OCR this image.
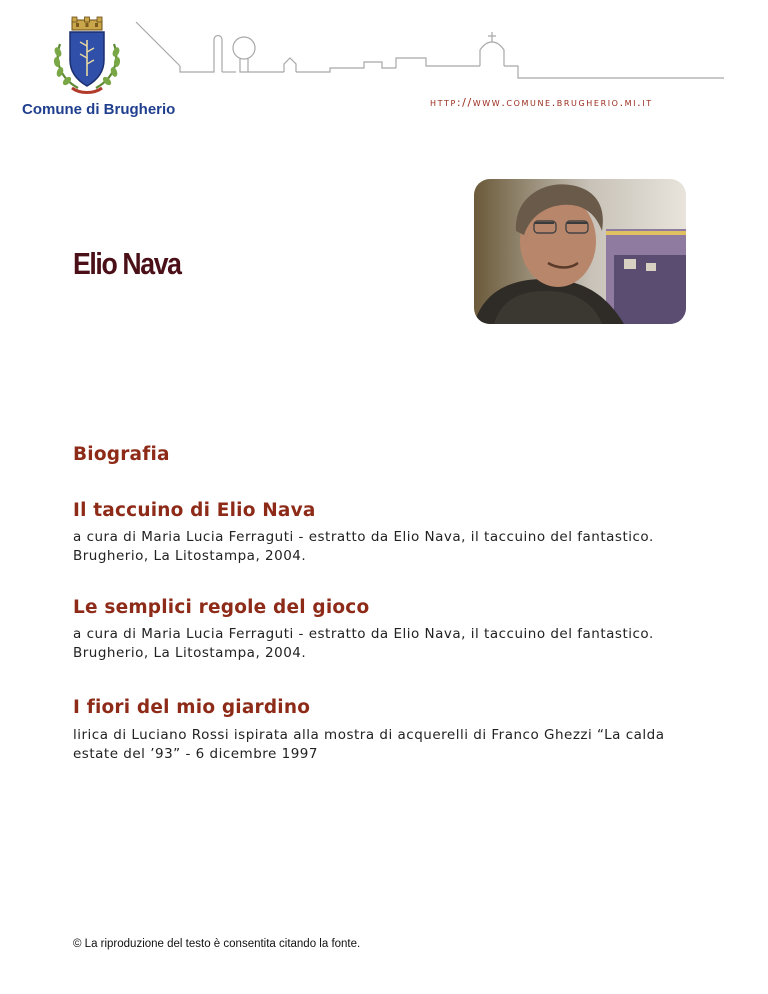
Comune di Brugherio	http://www.comune.brugherio.mi.it
Elio Nava
Biografia
Il taccuino di Elio Nava

a cura di Maria Lucia Ferraguti - estratto da Elio Nava, il taccuino del fantastico. Brugherio, La Litostampa, 2004.

Le semplici regole del gioco

a cura di Maria Lucia Ferraguti - estratto da Elio Nava, il taccuino del fantastico. Brugherio, La Litostampa, 2004.

I fiori del mio giardino

lirica di Luciano Rossi ispirata alla mostra di acquerelli di Franco Ghezzi “La calda estate del ’93” - 6 dicembre 1997

© La riproduzione del testo è consentita citando la fonte.
